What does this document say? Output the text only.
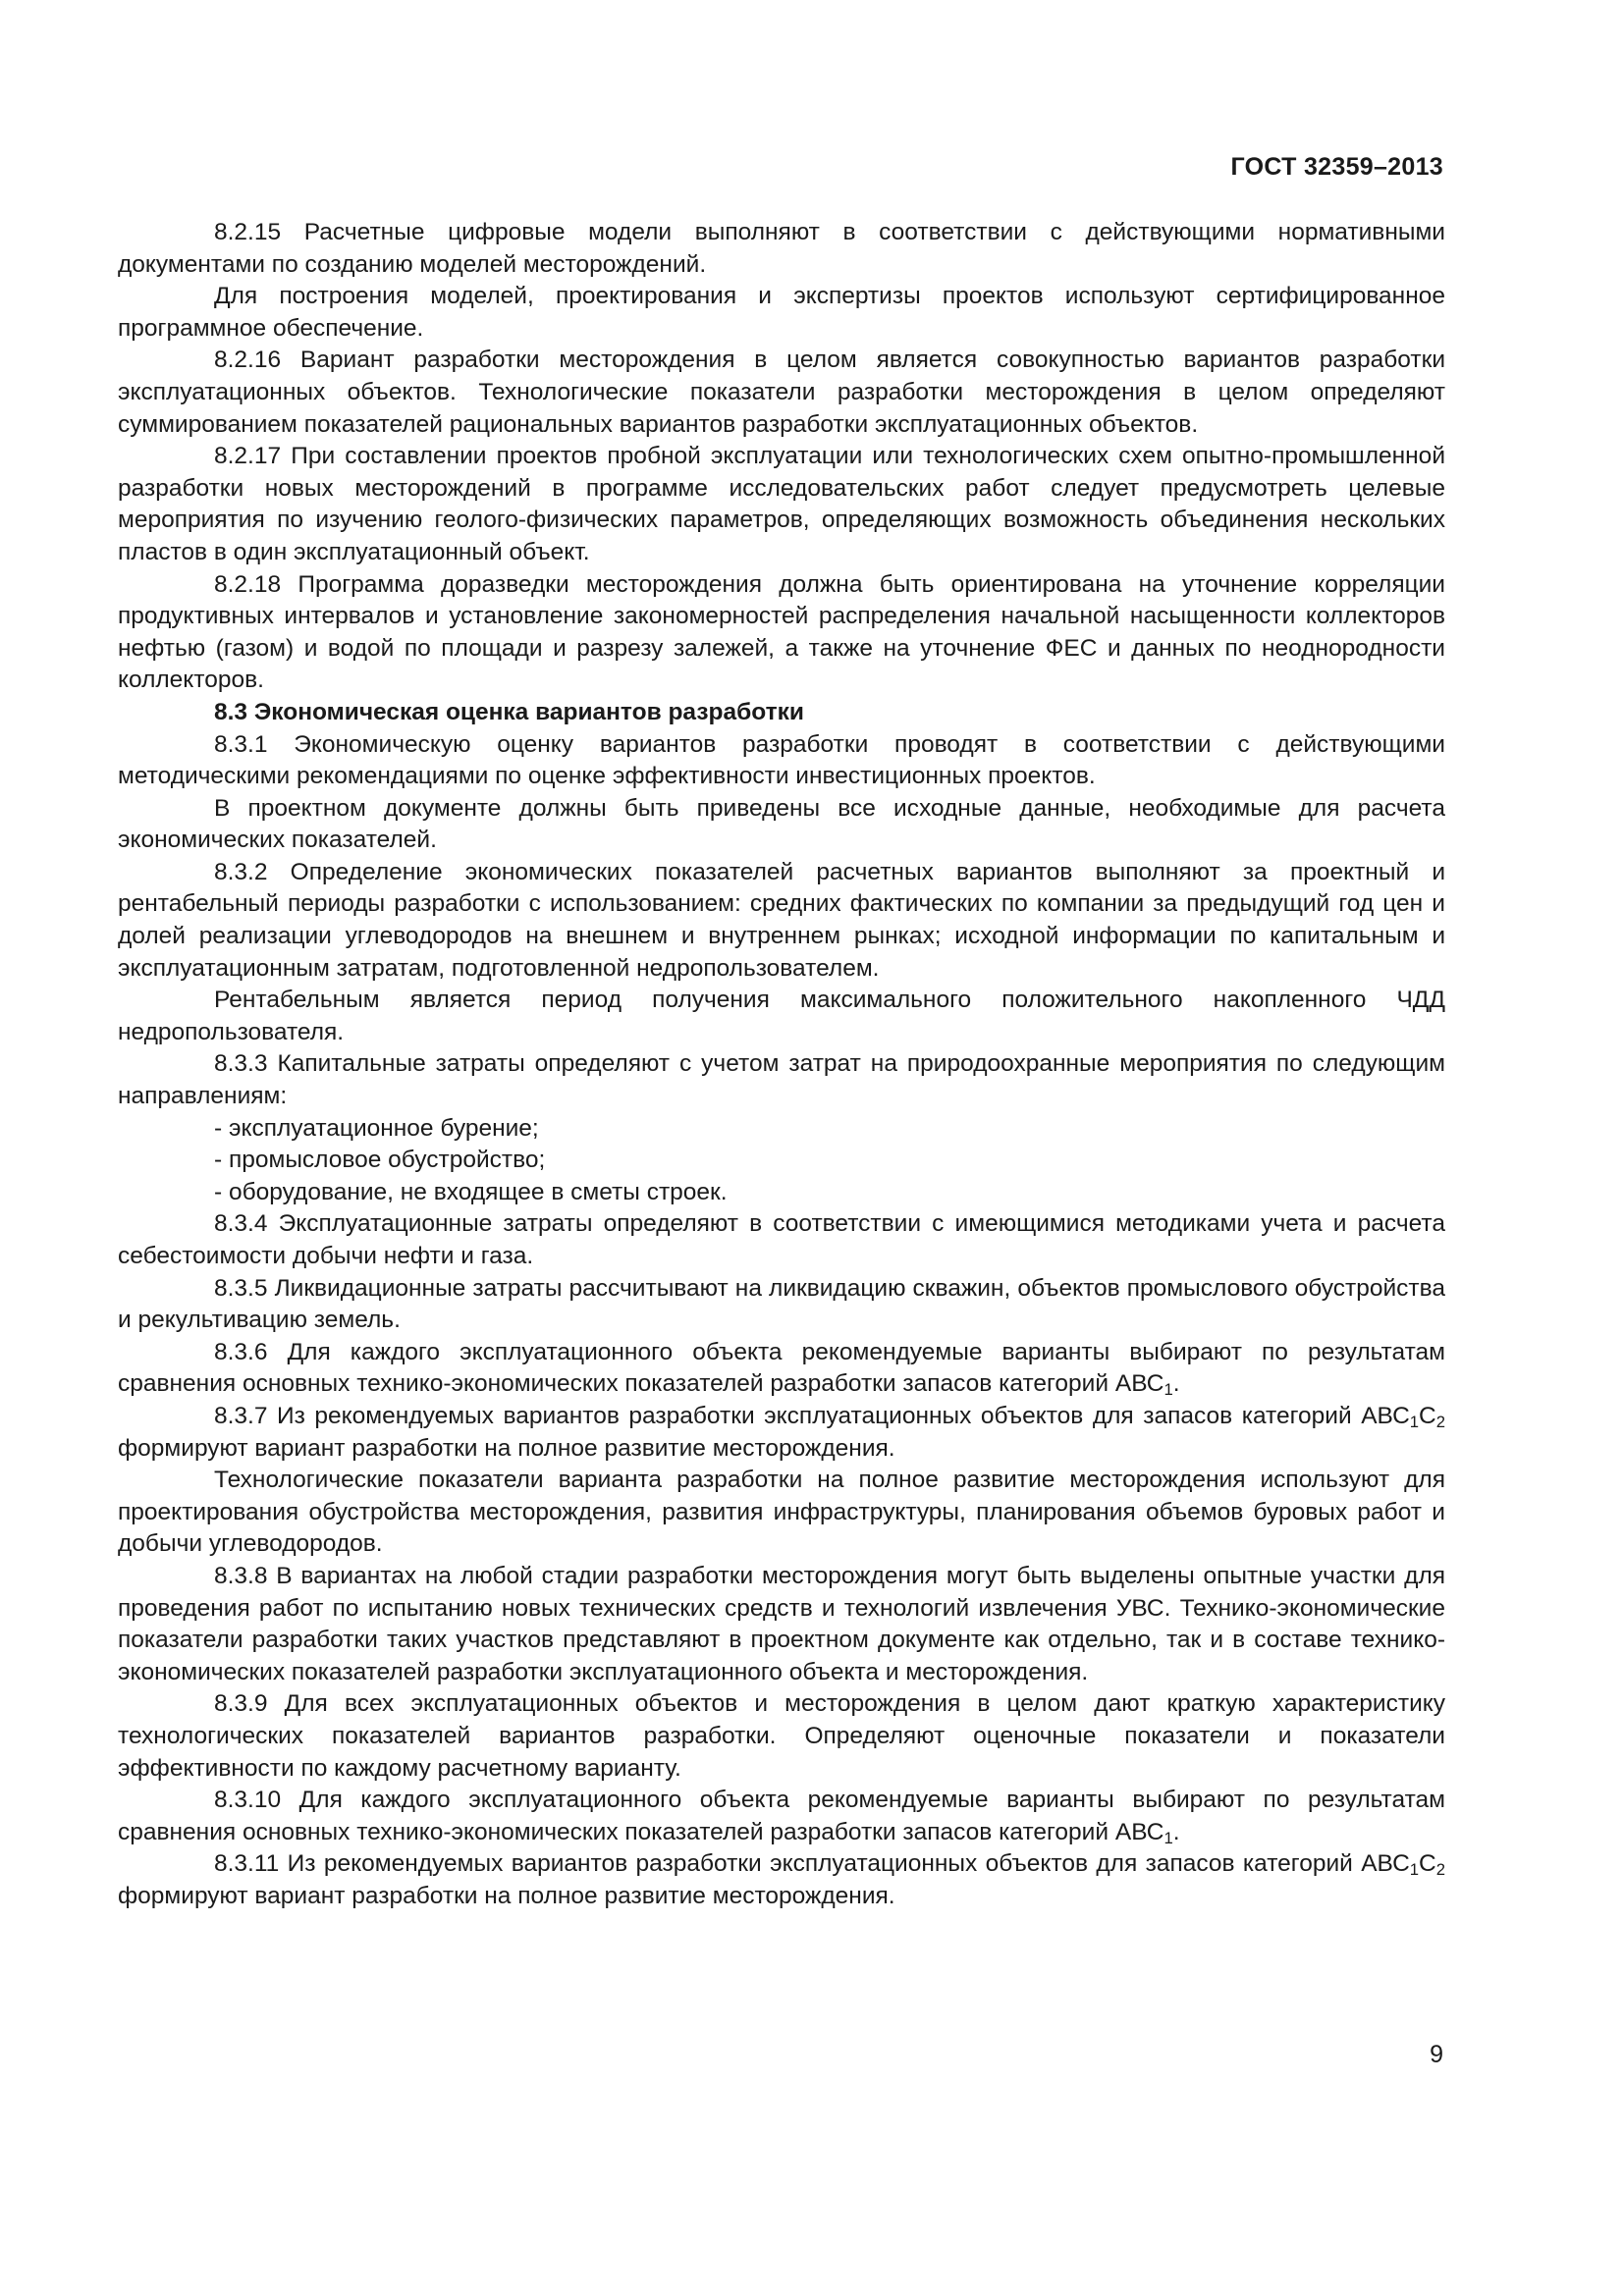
ГОСТ 32359–2013

8.2.15 Расчетные цифровые модели выполняют в соответствии с действующими нормативными документами по созданию моделей месторождений.

Для построения моделей, проектирования и экспертизы проектов используют сертифицированное программное обеспечение.

8.2.16 Вариант разработки месторождения в целом является совокупностью вариантов разработки эксплуатационных объектов. Технологические показатели разработки месторождения в целом определяют суммированием показателей рациональных вариантов разработки эксплуатационных объектов.

8.2.17 При составлении проектов пробной эксплуатации или технологических схем опытно-промышленной разработки новых месторождений в программе исследовательских работ следует предусмотреть целевые мероприятия по изучению геолого-физических параметров, определяющих возможность объединения нескольких пластов в один эксплуатационный объект.

8.2.18 Программа доразведки месторождения должна быть ориентирована на уточнение корреляции продуктивных интервалов и установление закономерностей распределения начальной насыщенности коллекторов нефтью (газом) и водой по площади и разрезу залежей, а также на уточнение ФЕС и данных по неоднородности коллекторов.

8.3 Экономическая оценка вариантов разработки

8.3.1 Экономическую оценку вариантов разработки проводят в соответствии с действующими методическими рекомендациями по оценке эффективности инвестиционных проектов.

В проектном документе должны быть приведены все исходные данные, необходимые для расчета экономических показателей.

8.3.2 Определение экономических показателей расчетных вариантов выполняют за проектный и рентабельный периоды разработки с использованием: средних фактических по компании за предыдущий год цен и долей реализации углеводородов на внешнем и внутреннем рынках; исходной информации по капитальным и эксплуатационным затратам, подготовленной недропользователем.

Рентабельным является период получения максимального положительного накопленного ЧДД недропользователя.

8.3.3 Капитальные затраты определяют с учетом затрат на природоохранные мероприятия по следующим направлениям:

- эксплуатационное бурение;

- промысловое обустройство;

- оборудование, не входящее в сметы строек.

8.3.4 Эксплуатационные затраты определяют в соответствии с имеющимися методиками учета и расчета себестоимости добычи нефти и газа.

8.3.5 Ликвидационные затраты рассчитывают на ликвидацию скважин, объектов промыслового обустройства и рекультивацию земель.

8.3.6 Для каждого эксплуатационного объекта рекомендуемые варианты выбирают по результатам сравнения основных технико-экономических показателей разработки запасов категорий $АВС_1$.

8.3.7 Из рекомендуемых вариантов разработки эксплуатационных объектов для запасов категорий $АВС_1С_2$ формируют вариант разработки на полное развитие месторождения.

Технологические показатели варианта разработки на полное развитие месторождения используют для проектирования обустройства месторождения, развития инфраструктуры, планирования объемов буровых работ и добычи углеводородов.

8.3.8 В вариантах на любой стадии разработки месторождения могут быть выделены опытные участки для проведения работ по испытанию новых технических средств и технологий извлечения УВС. Технико-экономические показатели разработки таких участков представляют в проектном документе как отдельно, так и в составе технико-экономических показателей разработки эксплуатационного объекта и месторождения.

8.3.9 Для всех эксплуатационных объектов и месторождения в целом дают краткую характеристику технологических показателей вариантов разработки. Определяют оценочные показатели и показатели эффективности по каждому расчетному варианту.

8.3.10 Для каждого эксплуатационного объекта рекомендуемые варианты выбирают по результатам сравнения основных технико-экономических показателей разработки запасов категорий $АВС_1$.

8.3.11 Из рекомендуемых вариантов разработки эксплуатационных объектов для запасов категорий $АВС_1С_2$ формируют вариант разработки на полное развитие месторождения.

9
